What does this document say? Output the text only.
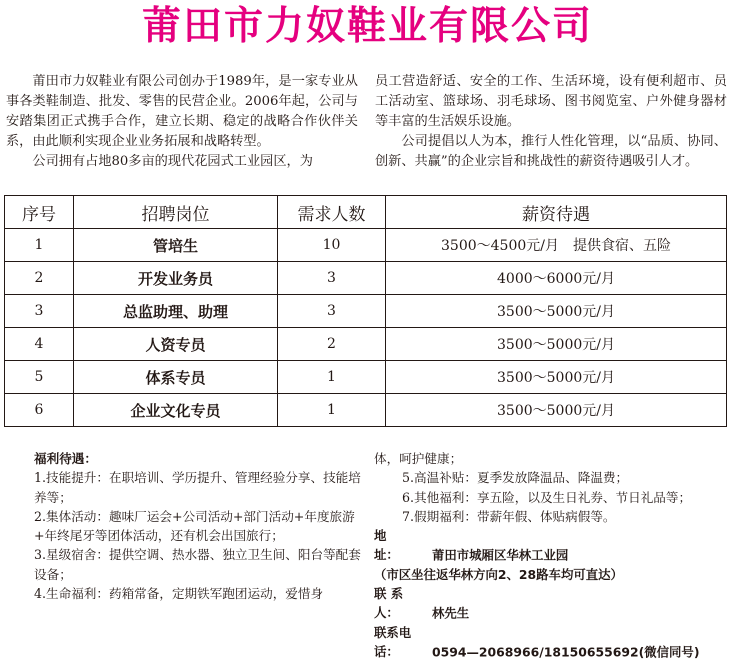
莆田市力奴鞋业有限公司

莆田市力奴鞋业有限公司创办于1989年，是一家专业从事各类鞋制造、批发、零售的民营企业。2006年起，公司与安踏集团正式携手合作，建立长期、稳定的战略合作伙伴关系，由此顺利实现企业业务拓展和战略转型。

公司拥有占地80多亩的现代花园式工业园区，为

员工营造舒适、安全的工作、生活环境，设有便利超市、员工活动室、篮球场、羽毛球场、图书阅览室、户外健身器材等丰富的生活娱乐设施。

公司提倡以人为本，推行人性化管理，以“品质、协同、创新、共赢”的企业宗旨和挑战性的薪资待遇吸引人才。

序号	招聘岗位	需求人数	薪资待遇
1	管培生	10	3500～4500元/月　提供食宿、五险
2	开发业务员	3	4000～6000元/月
3	总监助理、助理	3	3500～5000元/月
4	人资专员	2	3500～5000元/月
5	体系专员	1	3500～5000元/月
6	企业文化专员	1	3500～5000元/月
福利待遇：
1.技能提升：在职培训、学历提升、管理经验分享、技能培养等；
2.集体活动：趣味厂运会+公司活动+部门活动+年度旅游+年终尾牙等团体活动，还有机会出国旅行；
3.星级宿舍：提供空调、热水器、独立卫生间、阳台等配套设备；
4.生命福利：药箱常备，定期铁军跑团运动，爱惜身
体，呵护健康；
5.高温补贴：夏季发放降温品、降温费；
6.其他福利：享五险，以及生日礼券、节日礼品等；
7.假期福利：带薪年假、体贴病假等。
地　　址：	莆田市城厢区华林工业园
（市区坐往返华林方向2、28路车均可直达）
联 系 人：	林先生
联系电话：	0594—2068966/18150655692(微信同号)
